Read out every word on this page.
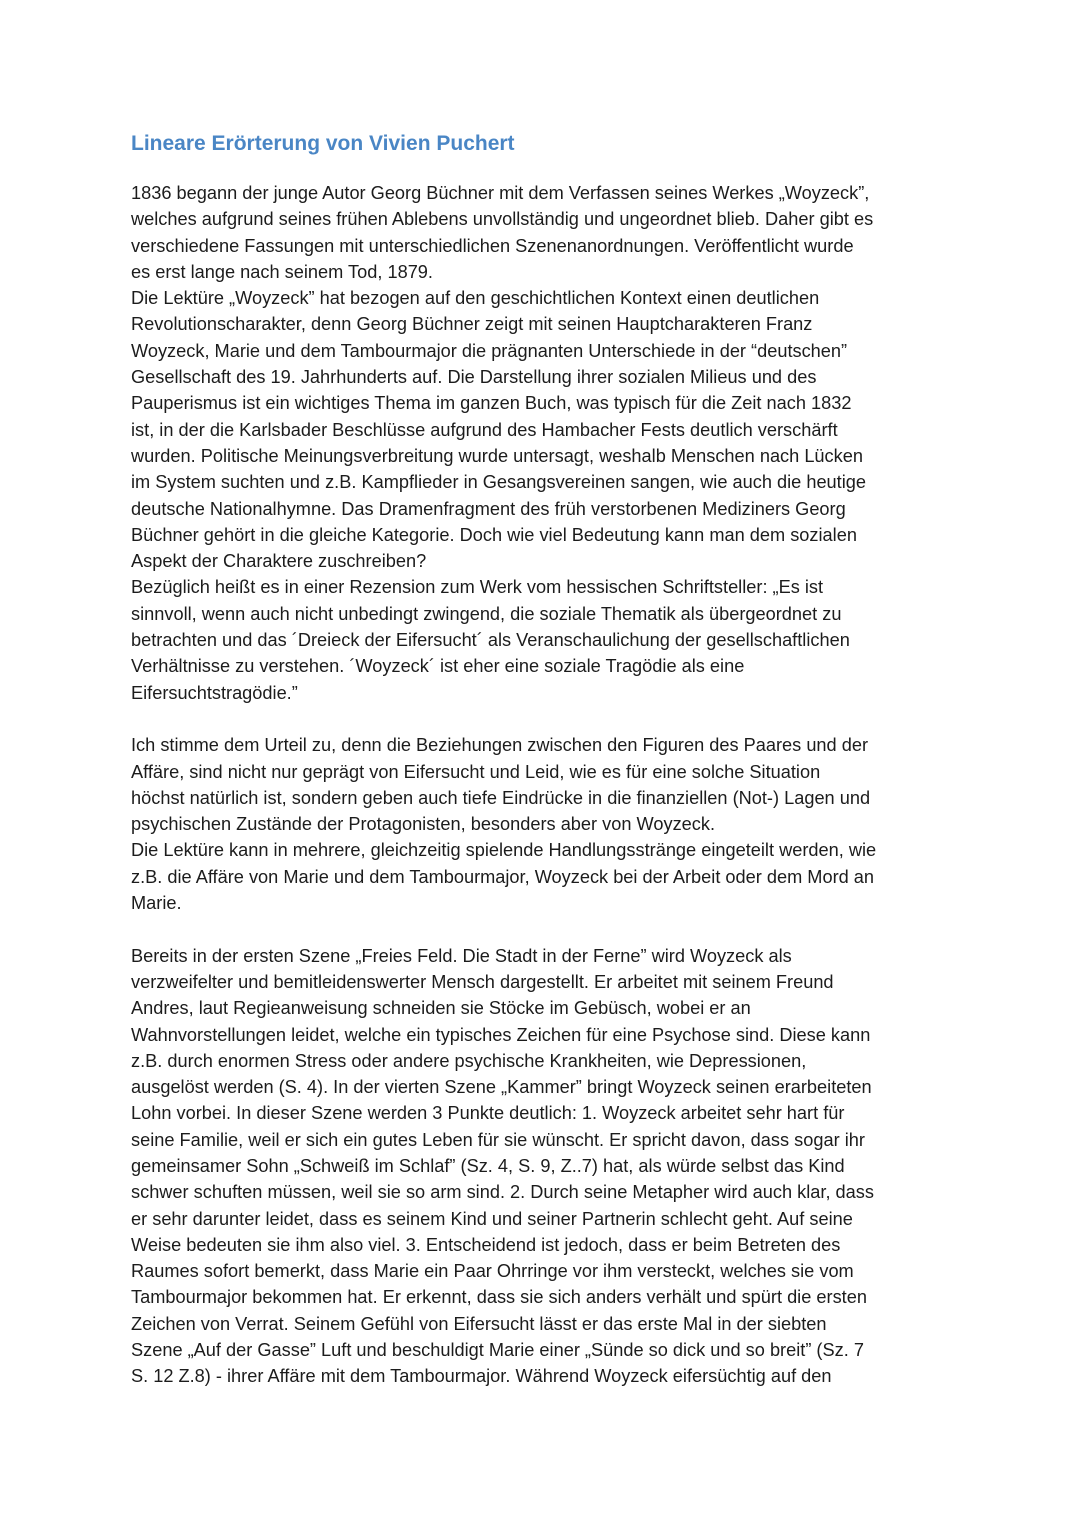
Lineare Erörterung von Vivien Puchert
1836 begann der junge Autor Georg Büchner mit dem Verfassen seines Werkes „Woyzeck”,
welches aufgrund seines frühen Ablebens unvollständig und ungeordnet blieb. Daher gibt es
verschiedene Fassungen mit unterschiedlichen Szenenanordnungen. Veröffentlicht wurde
es erst lange nach seinem Tod, 1879.
Die Lektüre „Woyzeck” hat bezogen auf den geschichtlichen Kontext einen deutlichen
Revolutionscharakter, denn Georg Büchner zeigt mit seinen Hauptcharakteren Franz
Woyzeck, Marie und dem Tambourmajor die prägnanten Unterschiede in der “deutschen”
Gesellschaft des 19. Jahrhunderts auf. Die Darstellung ihrer sozialen Milieus und des
Pauperismus ist ein wichtiges Thema im ganzen Buch, was typisch für die Zeit nach 1832
ist, in der die Karlsbader Beschlüsse aufgrund des Hambacher Fests deutlich verschärft
wurden. Politische Meinungsverbreitung wurde untersagt, weshalb Menschen nach Lücken
im System suchten und z.B. Kampflieder in Gesangsvereinen sangen, wie auch die heutige
deutsche Nationalhymne. Das Dramenfragment des früh verstorbenen Mediziners Georg
Büchner gehört in die gleiche Kategorie. Doch wie viel Bedeutung kann man dem sozialen
Aspekt der Charaktere zuschreiben?
Bezüglich heißt es in einer Rezension zum Werk vom hessischen Schriftsteller: „Es ist
sinnvoll, wenn auch nicht unbedingt zwingend, die soziale Thematik als übergeordnet zu
betrachten und das ´Dreieck der Eifersucht´ als Veranschaulichung der gesellschaftlichen
Verhältnisse zu verstehen. ´Woyzeck´ ist eher eine soziale Tragödie als eine
Eifersuchtstragödie.”
Ich stimme dem Urteil zu, denn die Beziehungen zwischen den Figuren des Paares und der
Affäre, sind nicht nur geprägt von Eifersucht und Leid, wie es für eine solche Situation
höchst natürlich ist, sondern geben auch tiefe Eindrücke in die finanziellen (Not-) Lagen und
psychischen Zustände der Protagonisten, besonders aber von Woyzeck.
Die Lektüre kann in mehrere, gleichzeitig spielende Handlungsstränge eingeteilt werden, wie
z.B. die Affäre von Marie und dem Tambourmajor, Woyzeck bei der Arbeit oder dem Mord an
Marie.
Bereits in der ersten Szene „Freies Feld. Die Stadt in der Ferne” wird Woyzeck als
verzweifelter und bemitleidenswerter Mensch dargestellt. Er arbeitet mit seinem Freund
Andres, laut Regieanweisung schneiden sie Stöcke im Gebüsch, wobei er an
Wahnvorstellungen leidet, welche ein typisches Zeichen für eine Psychose sind. Diese kann
z.B. durch enormen Stress oder andere psychische Krankheiten, wie Depressionen,
ausgelöst werden (S. 4). In der vierten Szene „Kammer” bringt Woyzeck seinen erarbeiteten
Lohn vorbei. In dieser Szene werden 3 Punkte deutlich: 1. Woyzeck arbeitet sehr hart für
seine Familie, weil er sich ein gutes Leben für sie wünscht. Er spricht davon, dass sogar ihr
gemeinsamer Sohn „Schweiß im Schlaf” (Sz. 4, S. 9, Z..7) hat, als würde selbst das Kind
schwer schuften müssen, weil sie so arm sind. 2. Durch seine Metapher wird auch klar, dass
er sehr darunter leidet, dass es seinem Kind und seiner Partnerin schlecht geht. Auf seine
Weise bedeuten sie ihm also viel. 3. Entscheidend ist jedoch, dass er beim Betreten des
Raumes sofort bemerkt, dass Marie ein Paar Ohrringe vor ihm versteckt, welches sie vom
Tambourmajor bekommen hat. Er erkennt, dass sie sich anders verhält und spürt die ersten
Zeichen von Verrat. Seinem Gefühl von Eifersucht lässt er das erste Mal in der siebten
Szene „Auf der Gasse” Luft und beschuldigt Marie einer „Sünde so dick und so breit” (Sz. 7
S. 12 Z.8) - ihrer Affäre mit dem Tambourmajor. Während Woyzeck eifersüchtig auf den
